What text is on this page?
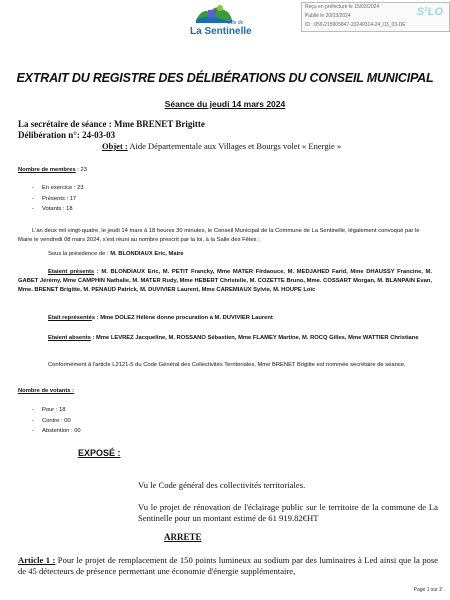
Reçu en préfecture le 15/03/2024
Publié le 20/03/2024
ID : 059-215905847-20240314-24_03_03-DE
S²LO
Ville de
La Sentinelle
EXTRAIT DU REGISTRE DES DÉLIBÉRATIONS DU CONSEIL MUNICIPAL
Séance du jeudi 14 mars 2024
La secrétaire de séance : Mme BRENET Brigitte
Délibération n°: 24-03-03
Objet : Aide Départementale aux Villages et Bourgs volet « Energie »
Nombre de membres : 23
-     En exercice : 23
-     Présents : 17
-     Votants : 18
L'an deux mil vingt-quatre, le jeudi 14 mars à 18 heures 30 minutes, le Conseil Municipal de la Commune de La Sentinelle, légalement convoqué par le Maire le vendredi 08 mars 2024, s'est réuni au nombre prescrit par la loi, à la Salle des Fêtes ;
Sous la présidence de : M. BLONDIAUX Eric, Maire
Etaient présents : M. BLONDIAUX Eric, M. PETIT Francky, Mme MATER Firdaouce, M. MEDJAHED Farid, Mme DHAUSSY Francine, M. GABET Jérémy, Mme CAMPHIN Nathalie, M. MATER Rudy, Mme HEBERT Christelle, M. COZETTE Bruno, Mme. COSSART Morgan, M. BLANPAIN Evan, Mme. BRENET Brigitte, M. PENAUD Patrick, M. DUVIVIER Laurent, Mme CAREMIAUX Sylvie, M. HOUPE Loïc
Etait représentés : Mme DOLEZ Hélène donne procuration à M. DUVIVIER Laurent
Etaient absents : Mme LEVREZ Jacqueline, M. ROSSANO Sébastien, Mme FLAMEY Martine, M. ROCQ Gilles, Mme WATTIER Christiane
Conformément à l'article L2121-5 du Code Général des Collectivités Territoriales, Mme BRENET Brigitte est nommée secrétaire de séance.
Nombre de votants :
-     Pour : 18
-     Contre : 00
-     Abstention : 00
EXPOSÉ :
Vu le Code général des collectivités territoriales.
Vu le projet de rénovation de l'éclairage public sur le territoire de la commune de La Sentinelle pour un montant estimé de 61 919.82€HT
ARRETE
Article 1 : Pour le projet de remplacement de 150 points lumineux au sodium par des luminaires à Led ainsi que la pose de 45 détecteurs de présence permettant une économie d'énergie supplémentaire,
Page 1 sur 2
